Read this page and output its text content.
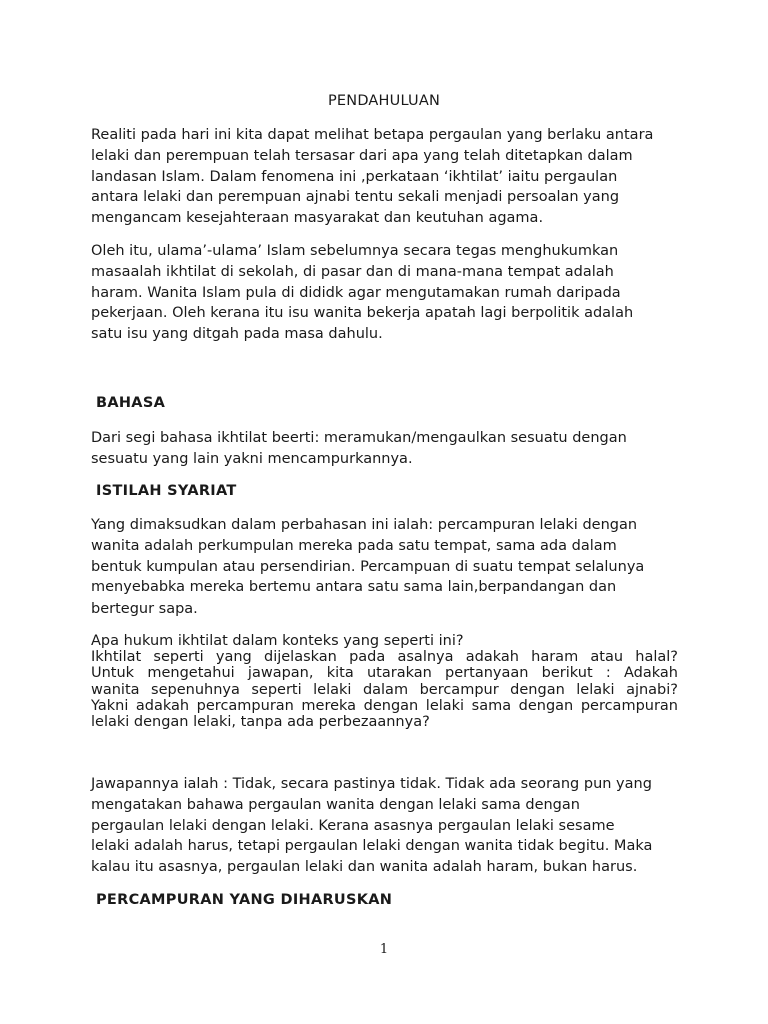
PENDAHULUAN
Realiti pada hari ini kita dapat melihat betapa pergaulan yang berlaku antara
lelaki dan perempuan telah tersasar dari apa yang telah ditetapkan dalam
landasan Islam. Dalam fenomena ini ‚perkataan ‘ikhtilat’ iaitu pergaulan
antara lelaki dan perempuan ajnabi tentu sekali menjadi persoalan yang
mengancam kesejahteraan masyarakat dan keutuhan agama.
Oleh itu, ulama’-ulama’ Islam sebelumnya secara tegas menghukumkan
masaalah ikhtilat di sekolah, di pasar dan di mana-mana tempat adalah
haram. Wanita Islam pula di dididk agar mengutamakan rumah daripada
pekerjaan. Oleh kerana itu isu wanita bekerja apatah lagi berpolitik adalah
satu isu yang ditgah pada masa dahulu.
BAHASA
Dari segi bahasa ikhtilat beerti: meramukan/mengaulkan sesuatu dengan
sesuatu yang lain yakni mencampurkannya.
ISTILAH SYARIAT
Yang dimaksudkan dalam perbahasan ini ialah: percampuran lelaki dengan
wanita adalah perkumpulan mereka pada satu tempat, sama ada dalam
bentuk kumpulan atau persendirian. Percampuan di suatu tempat selalunya
menyebabka mereka bertemu antara satu sama lain,berpandangan dan
bertegur sapa.
Apa hukum ikhtilat dalam konteks yang seperti ini?
Ikhtilat seperti yang dijelaskan pada asalnya adakah haram atau halal?
Untuk mengetahui jawapan, kita utarakan pertanyaan berikut : Adakah
wanita sepenuhnya seperti lelaki dalam bercampur dengan lelaki ajnabi?
Yakni adakah percampuran mereka dengan lelaki sama dengan percampuran
lelaki dengan lelaki, tanpa ada perbezaannya?
Jawapannya ialah : Tidak, secara pastinya tidak. Tidak ada seorang pun yang
mengatakan bahawa pergaulan wanita dengan lelaki sama dengan
pergaulan lelaki dengan lelaki. Kerana asasnya pergaulan lelaki sesame
lelaki adalah harus, tetapi pergaulan lelaki dengan wanita tidak begitu. Maka
kalau itu asasnya, pergaulan lelaki dan wanita adalah haram, bukan harus.
PERCAMPURAN YANG DIHARUSKAN
1
